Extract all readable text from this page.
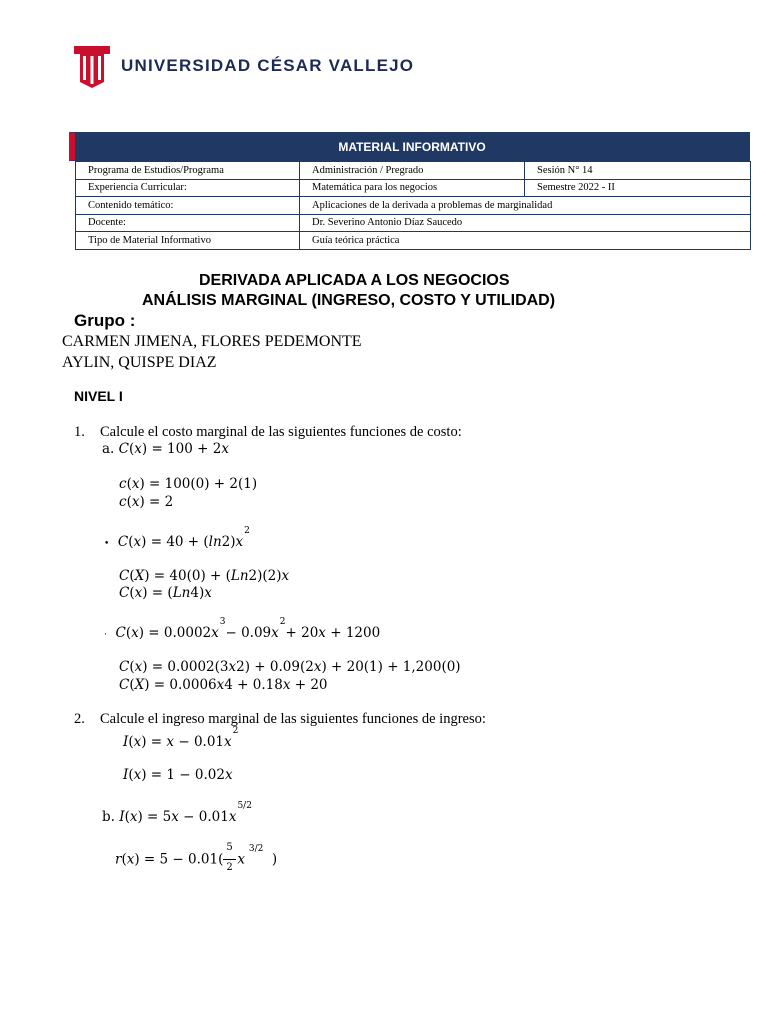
UNIVERSIDAD CÉSAR VALLEJO
MATERIAL INFORMATIVO
Programa de Estudios/Programa	Administración / Pregrado	Sesión N° 14
Experiencia Curricular:	Matemática para los negocios	Semestre 2022 - II
Contenido temático:	Aplicaciones de la derivada a problemas de marginalidad	
Docente:	Dr. Severino Antonio Díaz Saucedo	
Tipo de Material Informativo	Guía teórica práctica	
DERIVADA APLICADA A LOS NEGOCIOS
ANÁLISIS MARGINAL (INGRESO, COSTO Y UTILIDAD)
Grupo :
CARMEN JIMENA, FLORES PEDEMONTE
AYLIN, QUISPE DIAZ
NIVEL I
1. Calcule el costo marginal de las siguientes funciones de costo:
a. C(x) = 100 + 2x
c(x) = 100(0) + 2(1)
c(x) = 2
• $C(x) = 40 + (\ln 2)x^2$
C(X) = 40(0) + (Ln2)(2)x
C(x) = (Ln4)x
· $C(x) = 0.0002x^3- 0.09x^2+ 20x + 1200$
C(x) = 0.0002(3x2) + 0.09(2x) + 20(1) + 1,200(0)
C(X) = 0.0006x4 + 0.18x + 20
2. Calcule el ingreso marginal de las siguientes funciones de ingreso:
$I(x) = x - 0.01x^2$
I(x) = 1 − 0.02x
b. $I(x) = 5x - 0.01x^{5/2}$
$r(x) = 5 - 0.01( \frac{5}{2}$ x $^{3/2}$  )
